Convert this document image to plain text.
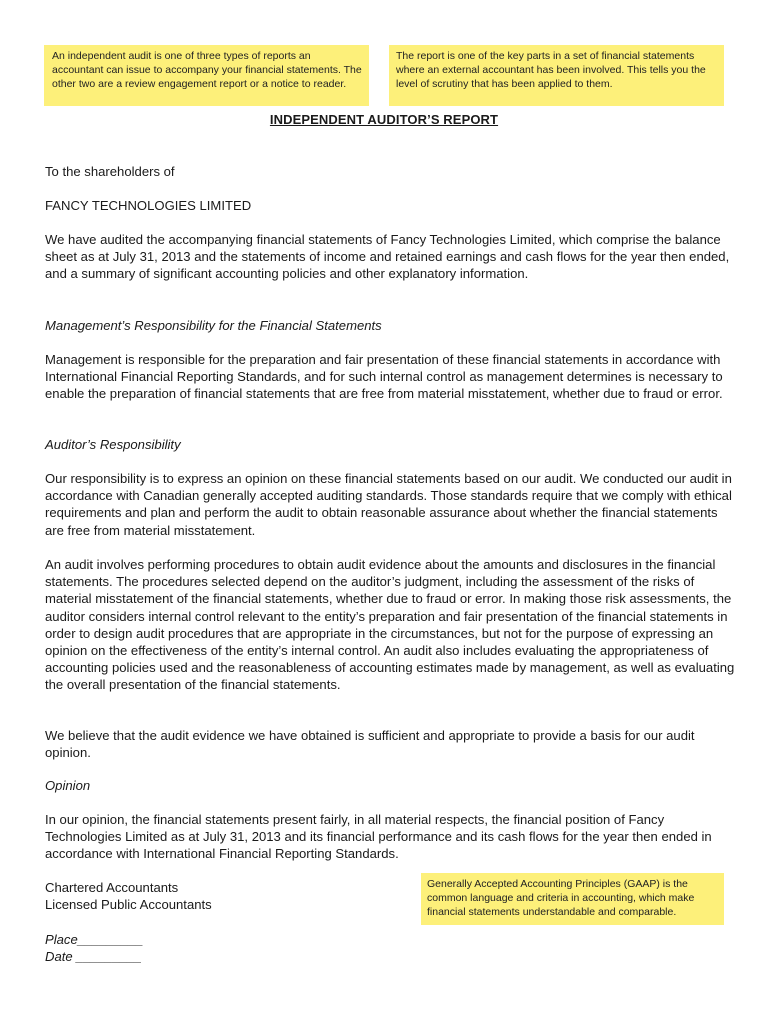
An independent audit is one of three types of reports an accountant can issue to accompany your financial statements. The other two are a review engagement report or a notice to reader.
The report is one of the key parts in a set of financial statements where an external accountant has been involved. This tells you the level of scrutiny that has been applied to them.
INDEPENDENT AUDITOR’S REPORT

To the shareholders of

FANCY TECHNOLOGIES LIMITED

We have audited the accompanying financial statements of Fancy Technologies Limited, which comprise the balance sheet as at July 31, 2013 and the statements of income and retained earnings and cash flows for the year then ended, and a summary of significant accounting policies and other explanatory information.

Management’s Responsibility for the Financial Statements

Management is responsible for the preparation and fair presentation of these financial statements in accordance with International Financial Reporting Standards, and for such internal control as management determines is necessary to enable the preparation of financial statements that are free from material misstatement, whether due to fraud or error.

Auditor’s Responsibility

Our responsibility is to express an opinion on these financial statements based on our audit. We conducted our audit in accordance with Canadian generally accepted auditing standards. Those standards require that we comply with ethical requirements and plan and perform the audit to obtain reasonable assurance about whether the financial statements are free from material misstatement.

An audit involves performing procedures to obtain audit evidence about the amounts and disclosures in the financial statements. The procedures selected depend on the auditor’s judgment, including the assessment of the risks of material misstatement of the financial statements, whether due to fraud or error. In making those risk assessments, the auditor considers internal control relevant to the entity’s preparation and fair presentation of the financial statements in order to design audit procedures that are appropriate in the circumstances, but not for the purpose of expressing an opinion on the effectiveness of the entity’s internal control. An audit also includes evaluating the appropriateness of accounting policies used and the reasonableness of accounting estimates made by management, as well as evaluating the overall presentation of the financial statements.

We believe that the audit evidence we have obtained is sufficient and appropriate to provide a basis for our audit opinion.

Opinion

In our opinion, the financial statements present fairly, in all material respects, the financial position of Fancy Technologies Limited as at July 31, 2013 and its financial performance and its cash flows for the year then ended in accordance with International Financial Reporting Standards.

Chartered Accountants
Licensed Public Accountants
Place_________
Date _________
Generally Accepted Accounting Principles (GAAP) is the common language and criteria in accounting, which make financial statements understandable and comparable.
